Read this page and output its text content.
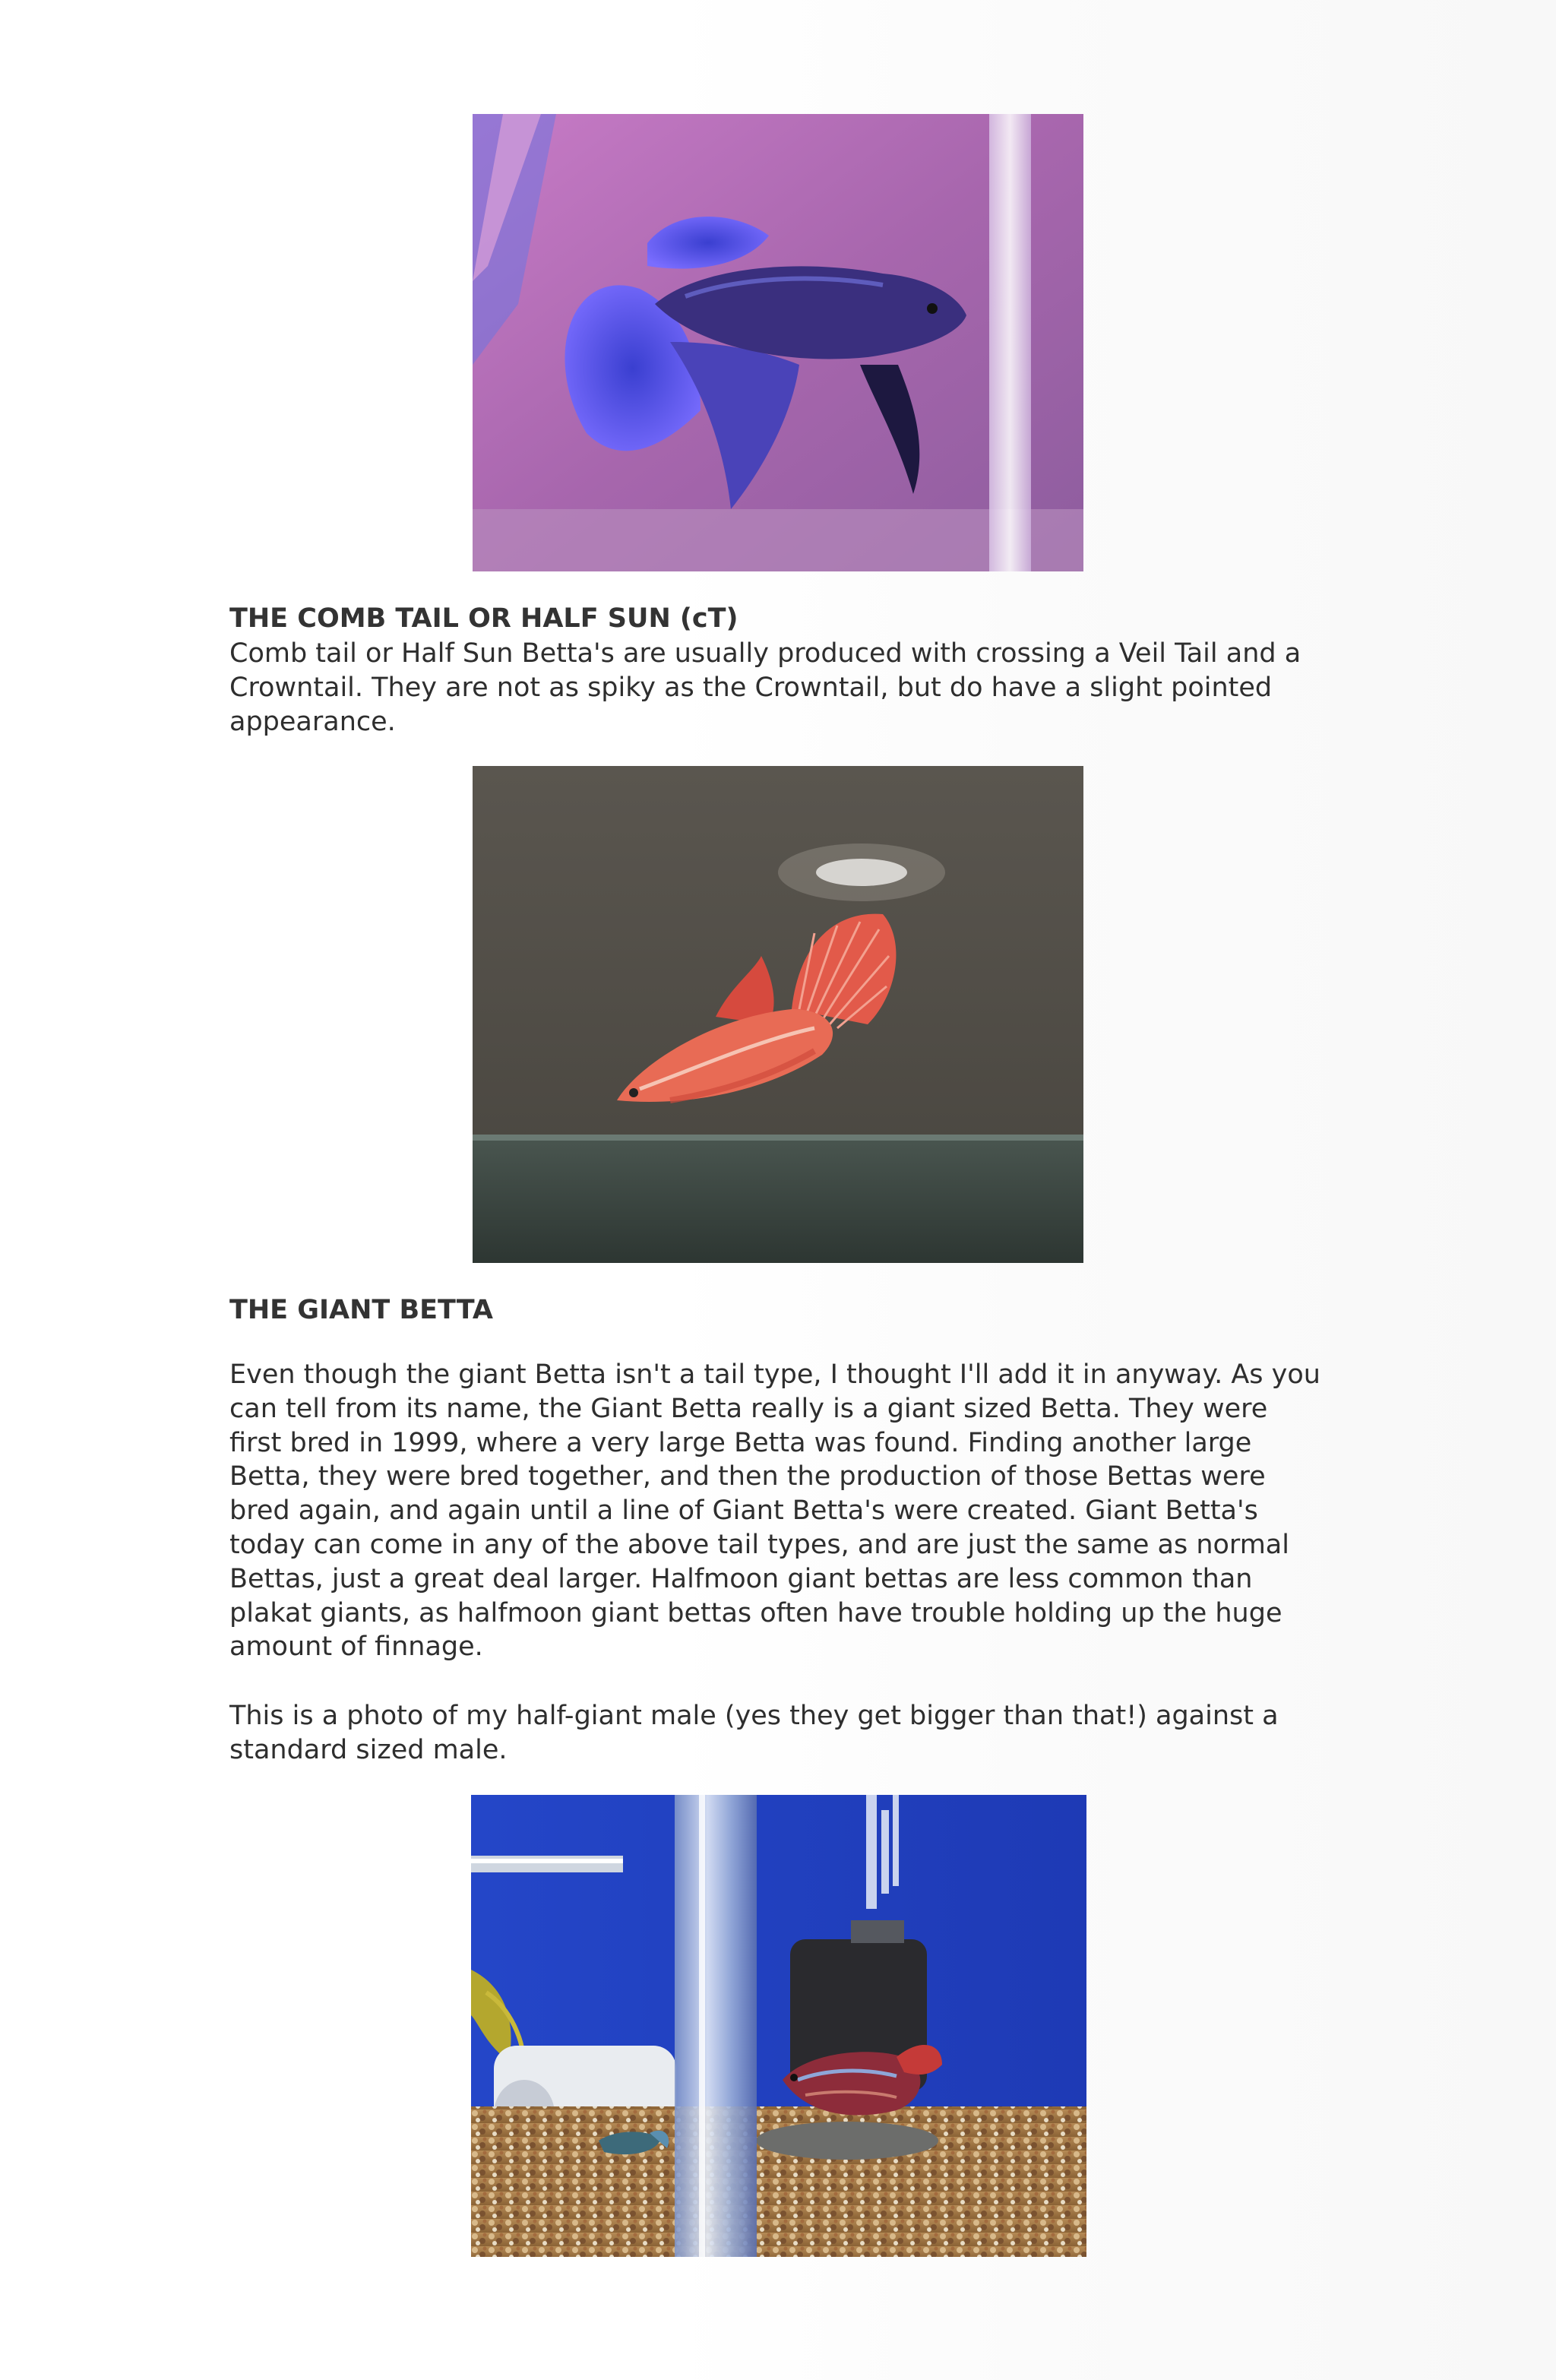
THE COMB TAIL OR HALF SUN (cT)
Comb tail or Half Sun Betta's are usually produced with crossing a Veil Tail and a
Crowntail. They are not as spiky as the Crowntail, but do have a slight pointed
appearance.
THE GIANT BETTA
Even though the giant Betta isn't a tail type, I thought I'll add it in anyway. As you
can tell from its name, the Giant Betta really is a giant sized Betta. They were
first bred in 1999, where a very large Betta was found. Finding another large
Betta, they were bred together, and then the production of those Bettas were
bred again, and again until a line of Giant Betta's were created. Giant Betta's
today can come in any of the above tail types, and are just the same as normal
Bettas, just a great deal larger. Halfmoon giant bettas are less common than
plakat giants, as halfmoon giant bettas often have trouble holding up the huge
amount of finnage.
This is a photo of my half-giant male (yes they get bigger than that!) against a
standard sized male.
